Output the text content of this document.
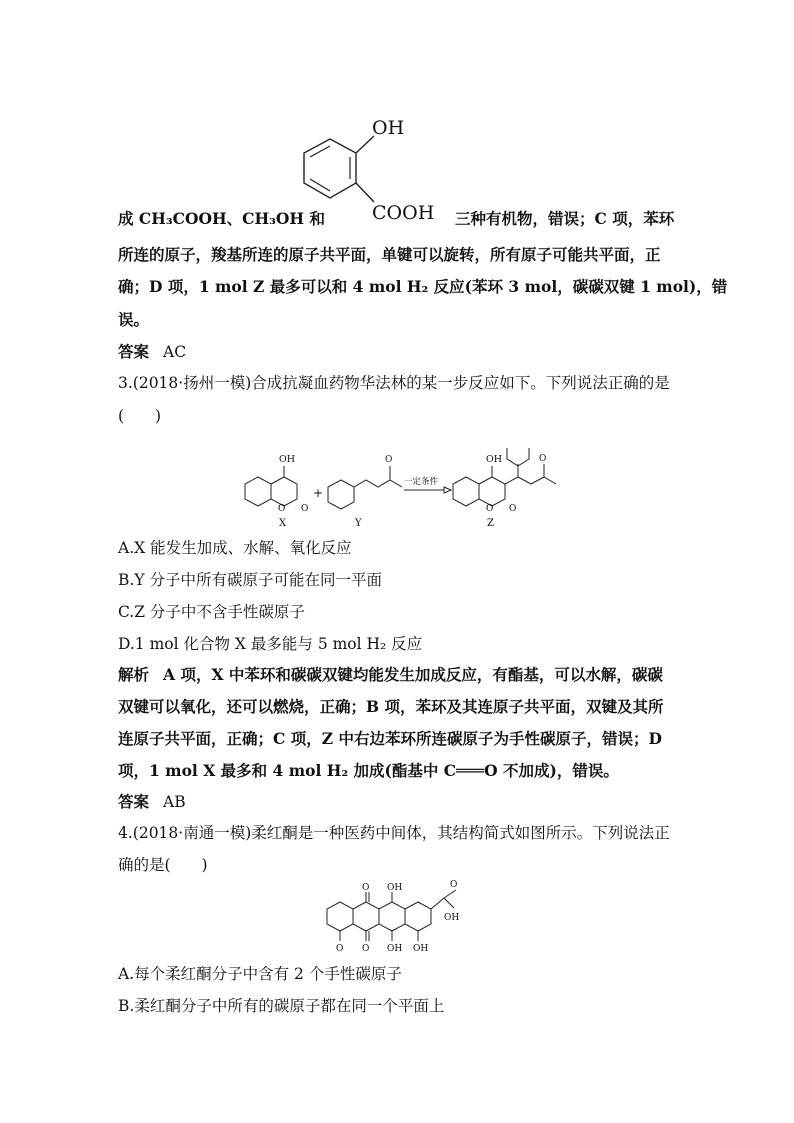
OH
COOH
成 CH₃COOH、CH₃OH 和	三种有机物，错误；C 项，苯环
所连的原子，羧基所连的原子共平面，单键可以旋转，所有原子可能共平面，正
确；D 项，1 mol Z 最多可以和 4 mol H₂ 反应(苯环 3 mol，碳碳双键 1 mol)，错
误。
答案 AC
3.(2018·扬州一模)合成抗凝血药物华法林的某一步反应如下。下列说法正确的是
(　　)
OH
O O
X
+
O
Y
一定条件
OH	O
O O
Z
A.X 能发生加成、水解、氧化反应
B.Y 分子中所有碳原子可能在同一平面
C.Z 分子中不含手性碳原子
D.1 mol 化合物 X 最多能与 5 mol H₂ 反应
解析 A 项，X 中苯环和碳碳双键均能发生加成反应，有酯基，可以水解，碳碳
双键可以氧化，还可以燃烧，正确；B 项，苯环及其连原子共平面，双键及其所
连原子共平面，正确；C 项，Z 中右边苯环所连碳原子为手性碳原子，错误；D
项，1 mol X 最多和 4 mol H₂ 加成(酯基中 C═══O 不加成)，错误。
答案 AB
4.(2018·南通一模)柔红酮是一种医药中间体，其结构简式如图所示。下列说法正
确的是(　　)
O
O
O
OH
OH OH
O
OH
A.每个柔红酮分子中含有 2 个手性碳原子
B.柔红酮分子中所有的碳原子都在同一个平面上
